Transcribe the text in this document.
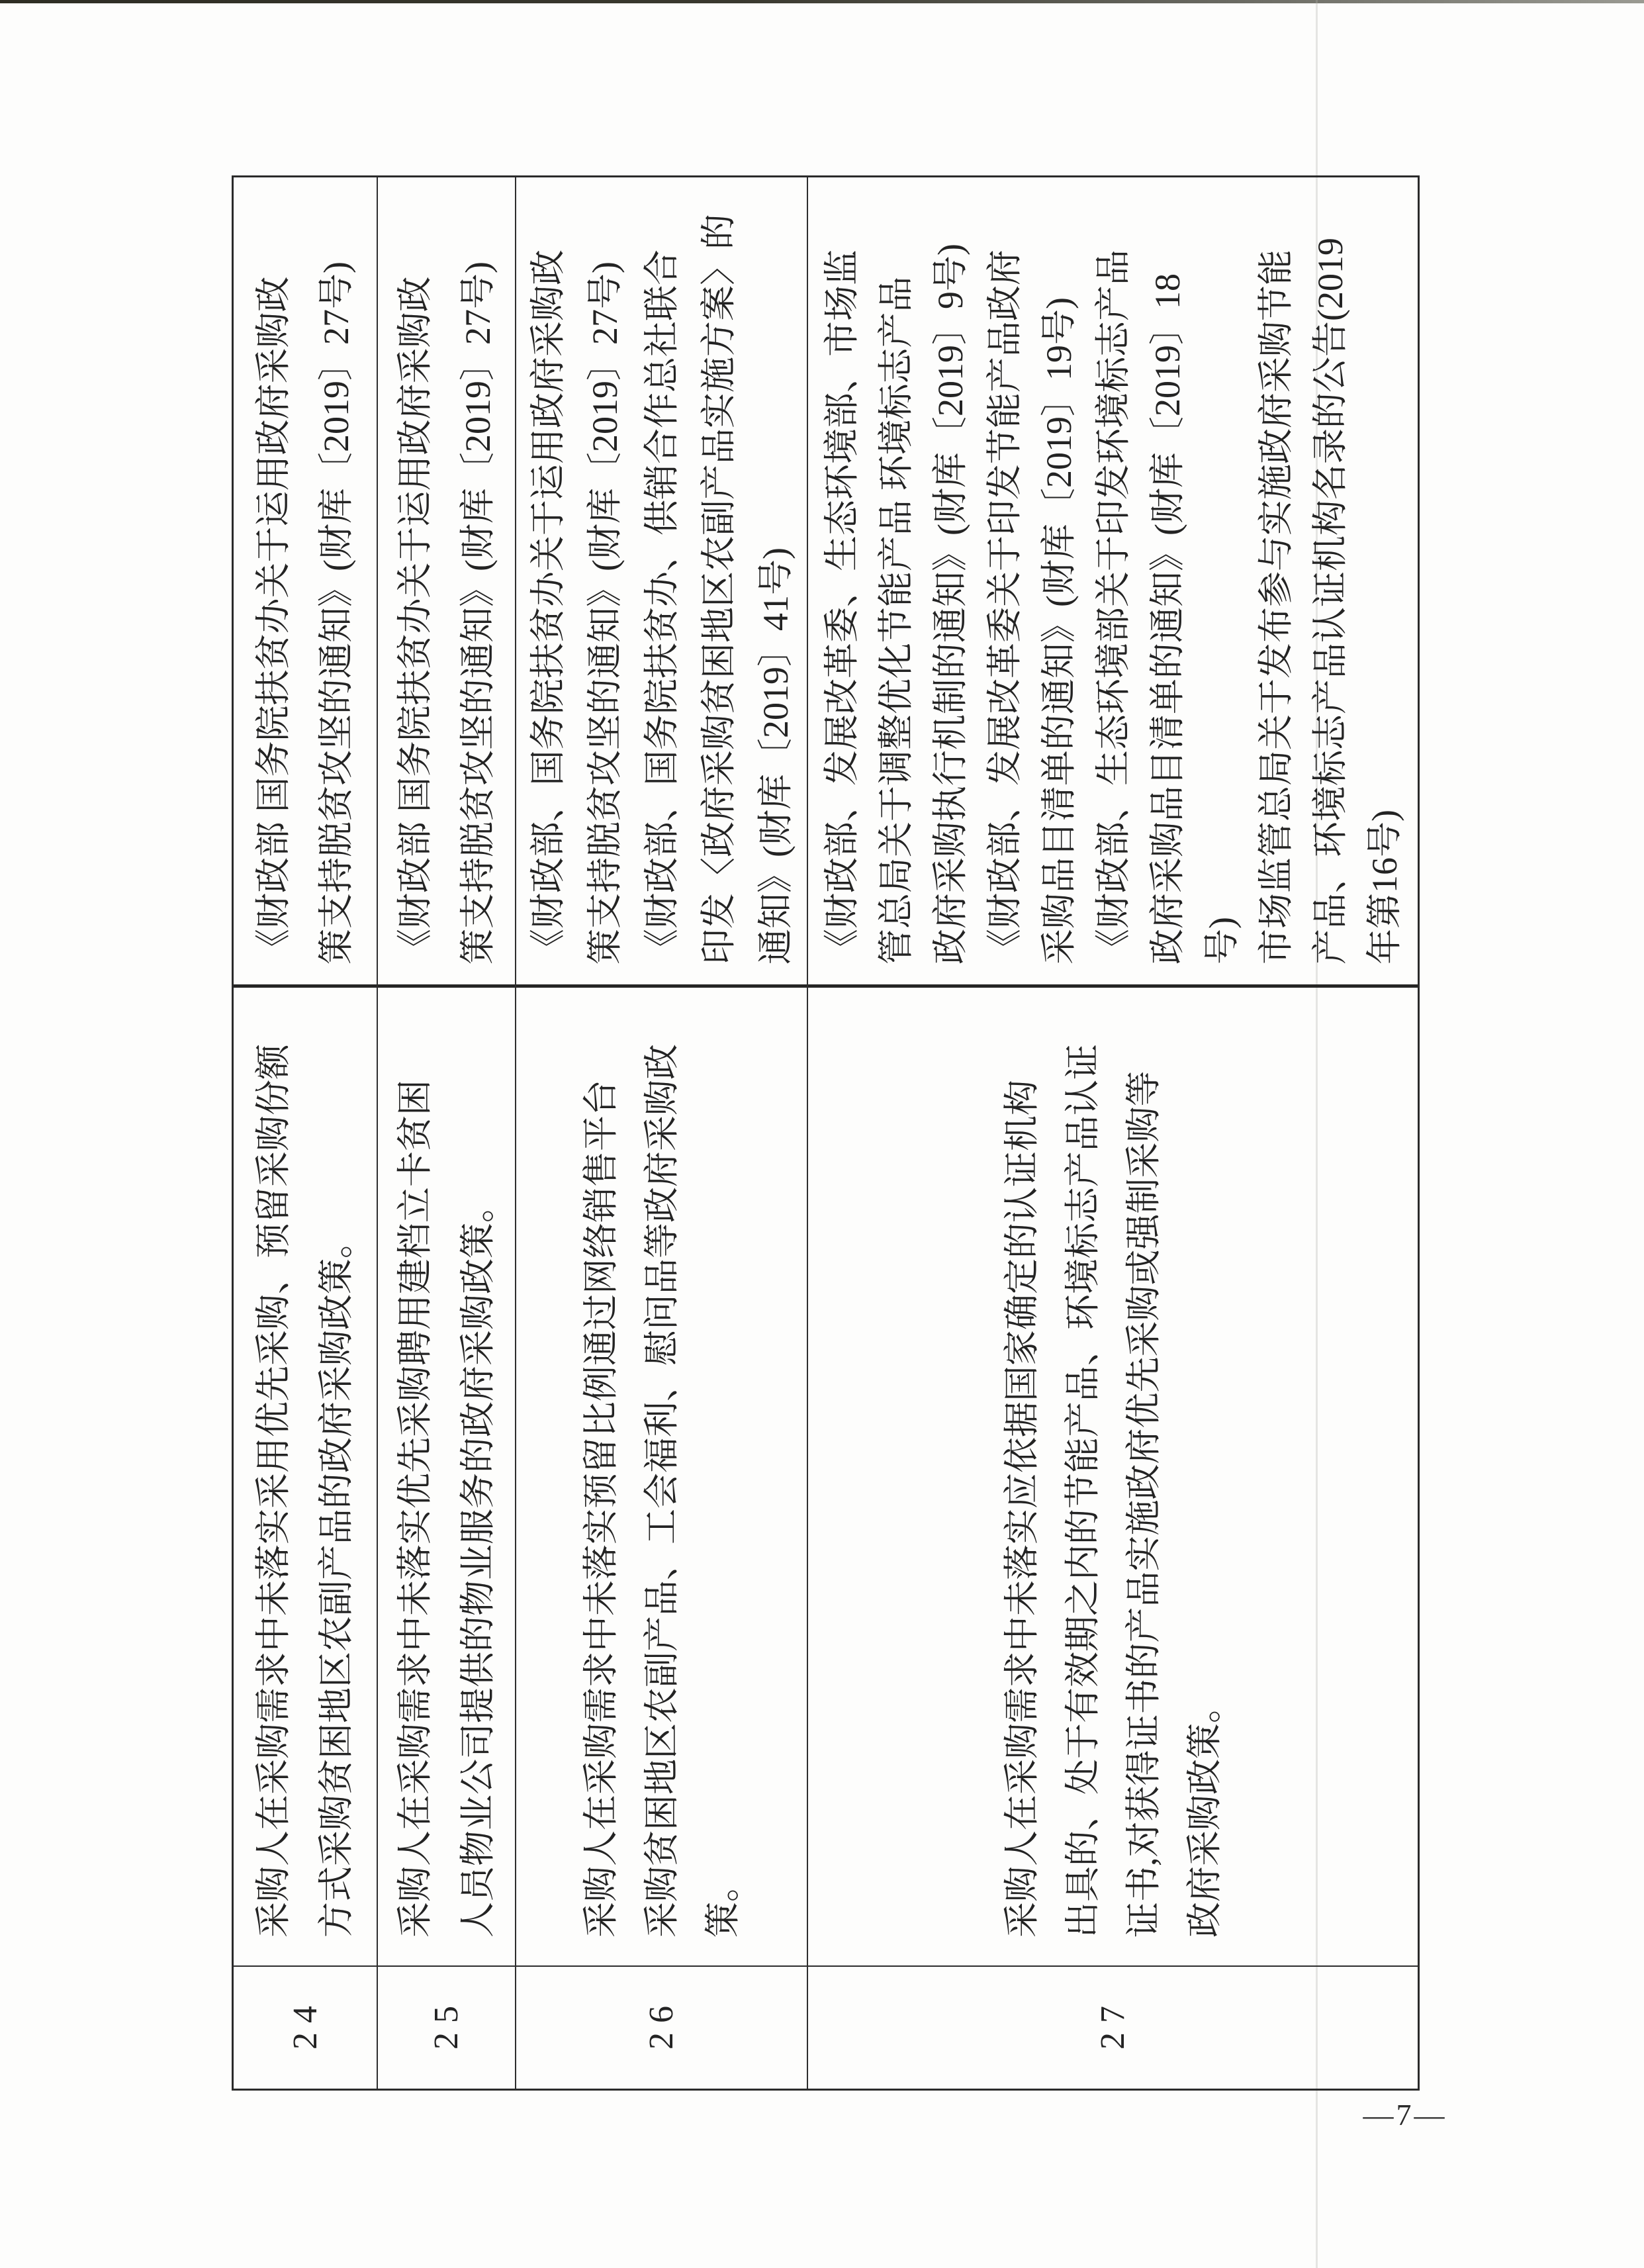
24
采购人在采购需求中未落实采用优先采购、预留采购份额 方式采购贫困地区农副产品的政府采购政策。
《财政部 国务院扶贫办关于运用政府采购政 策支持脱贫攻坚的通知》(财库〔2019〕27号)
25
采购人在采购需求中未落实优先采购聘用建档立卡贫困 人员物业公司提供的物业服务的政府采购政策。
《财政部 国务院扶贫办关于运用政府采购政 策支持脱贫攻坚的通知》(财库〔2019〕27号)
26
采购人在采购需求中未落实预留比例通过网络销售平台 采购贫困地区农副产品、工会福利、慰问品等政府采购政 策。
《财政部、国务院扶贫办关于运用政府采购政 策支持脱贫攻坚的通知》(财库〔2019〕27号) 《财政部、国务院扶贫办、供销合作总社联合 印发〈政府采购贫困地区农副产品实施方案〉的 通知》(财库〔2019〕41号)
27
采购人在采购需求中未落实应依据国家确定的认证机构 出具的、处于有效期之内的节能产品、环境标志产品认证 证书,对获得证书的产品实施政府优先采购或强制采购等 政府采购政策。
《财政部、发展改革委、生态环境部、市场监 管总局关于调整优化节能产品 环境标志产品 政府采购执行机制的通知》(财库〔2019〕9号) 《财政部、发展改革委关于印发节能产品政府 采购品目清单的通知》(财库〔2019〕19号) 《财政部、生态环境部关于印发环境标志产品 政府采购品目清单的通知》(财库〔2019〕18 号) 市场监管总局关于发布参与实施政府采购节能 产品、环境标志产品认证机构名录的公告(2019 年第16号)
—7—
